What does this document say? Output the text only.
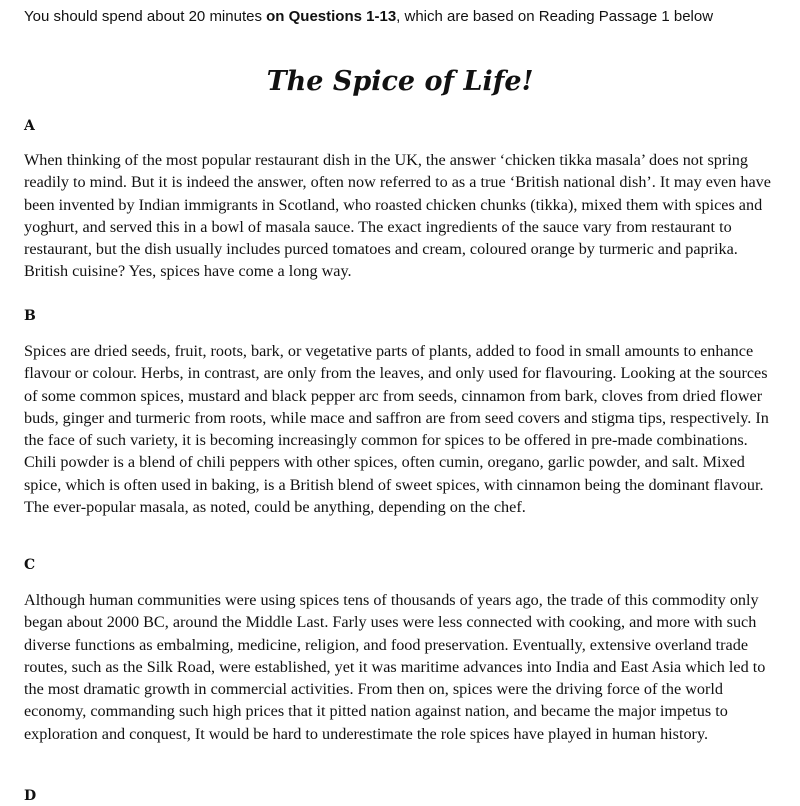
You should spend about 20 minutes on Questions 1-13, which are based on Reading Passage 1 below
The Spice of Life!
A

When thinking of the most popular restaurant dish in the UK, the answer ‘chicken tikka masala’ does not spring readily to mind. But it is indeed the answer, often now referred to as a true ‘British national dish’. It may even have been invented by Indian immigrants in Scotland, who roasted chicken chunks (tikka), mixed them with spices and yoghurt, and served this in a bowl of masala sauce. The exact ingredients of the sauce vary from restaurant to restaurant, but the dish usually includes purced tomatoes and cream, coloured orange by turmeric and paprika. British cuisine? Yes, spices have come a long way.

B

Spices are dried seeds, fruit, roots, bark, or vegetative parts of plants, added to food in small amounts to enhance flavour or colour. Herbs, in contrast, are only from the leaves, and only used for flavouring. Looking at the sources of some common spices, mustard and black pepper arc from seeds, cinnamon from bark, cloves from dried flower buds, ginger and turmeric from roots, while mace and saffron are from seed covers and stigma tips, respectively. In the face of such variety, it is becoming increasingly common for spices to be offered in pre-made combinations. Chili powder is a blend of chili peppers with other spices, often cumin, oregano, garlic powder, and salt. Mixed spice, which is often used in baking, is a British blend of sweet spices, with cinnamon being the dominant flavour. The ever-popular masala, as noted, could be anything, depending on the chef.

C

Although human communities were using spices tens of thousands of years ago, the trade of this commodity only began about 2000 BC, around the Middle Last. Farly uses were less connected with cooking, and more with such diverse functions as embalming, medicine, religion, and food preservation. Eventually, extensive overland trade routes, such as the Silk Road, were established, yet it was maritime advances into India and East Asia which led to the most dramatic growth in commercial activities. From then on, spices were the driving force of the world economy, commanding such high prices that it pitted nation against nation, and became the major impetus to exploration and conquest, It would be hard to underestimate the role spices have played in human history.

D
